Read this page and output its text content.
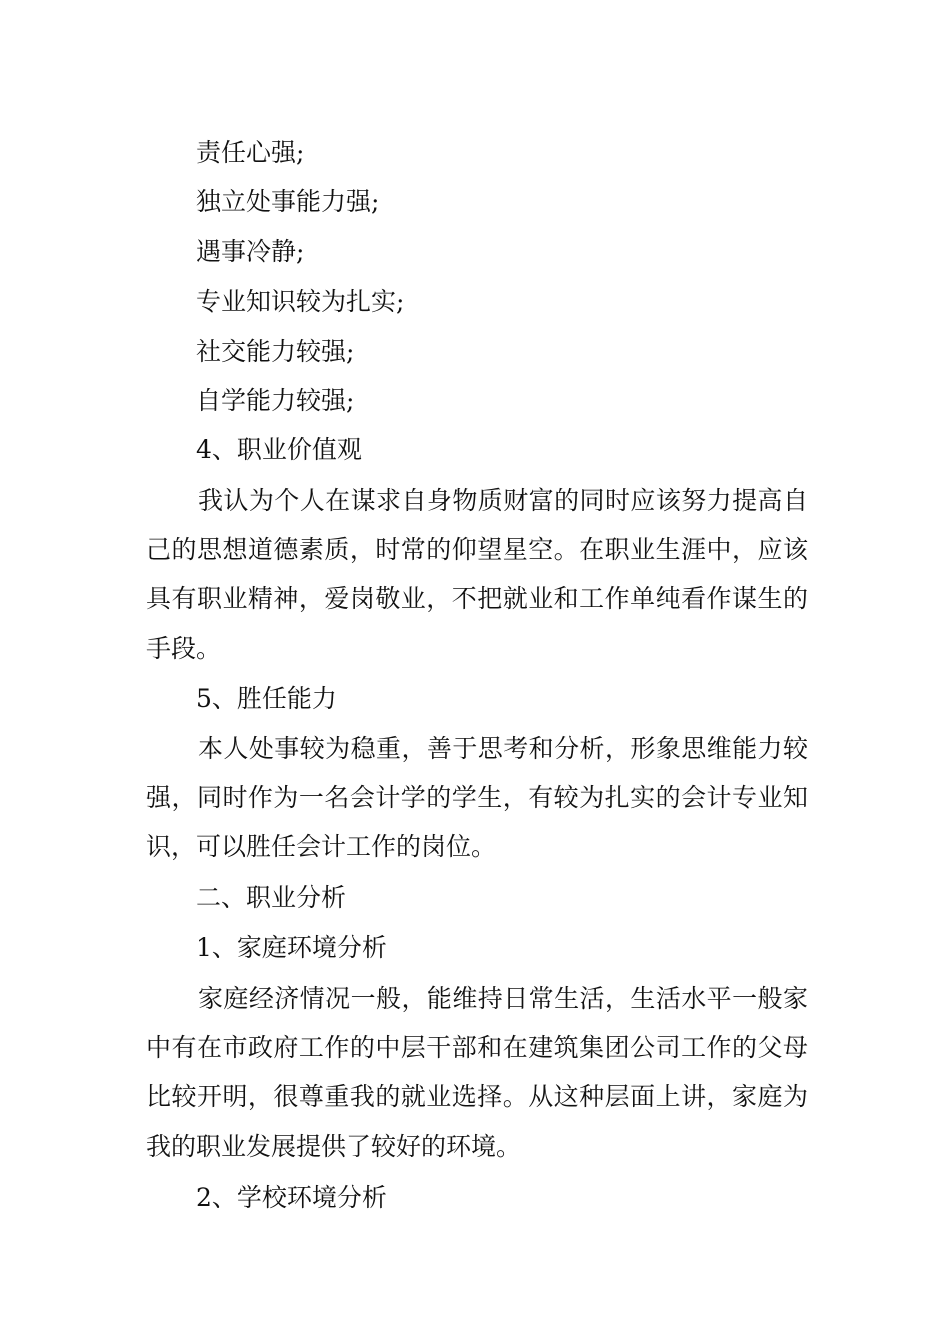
责任心强;
独立处事能力强;
遇事冷静;
专业知识较为扎实;
社交能力较强;
自学能力较强;
4、职业价值观
我认为个人在谋求自身物质财富的同时应该努力提高自己的思想道德素质，时常的仰望星空。在职业生涯中，应该具有职业精神，爱岗敬业，不把就业和工作单纯看作谋生的手段。
5、胜任能力
本人处事较为稳重，善于思考和分析，形象思维能力较强，同时作为一名会计学的学生，有较为扎实的会计专业知识，可以胜任会计工作的岗位。
二、职业分析
1、家庭环境分析
家庭经济情况一般，能维持日常生活，生活水平一般家中有在市政府工作的中层干部和在建筑集团公司工作的父母比较开明，很尊重我的就业选择。从这种层面上讲，家庭为我的职业发展提供了较好的环境。
2、学校环境分析
